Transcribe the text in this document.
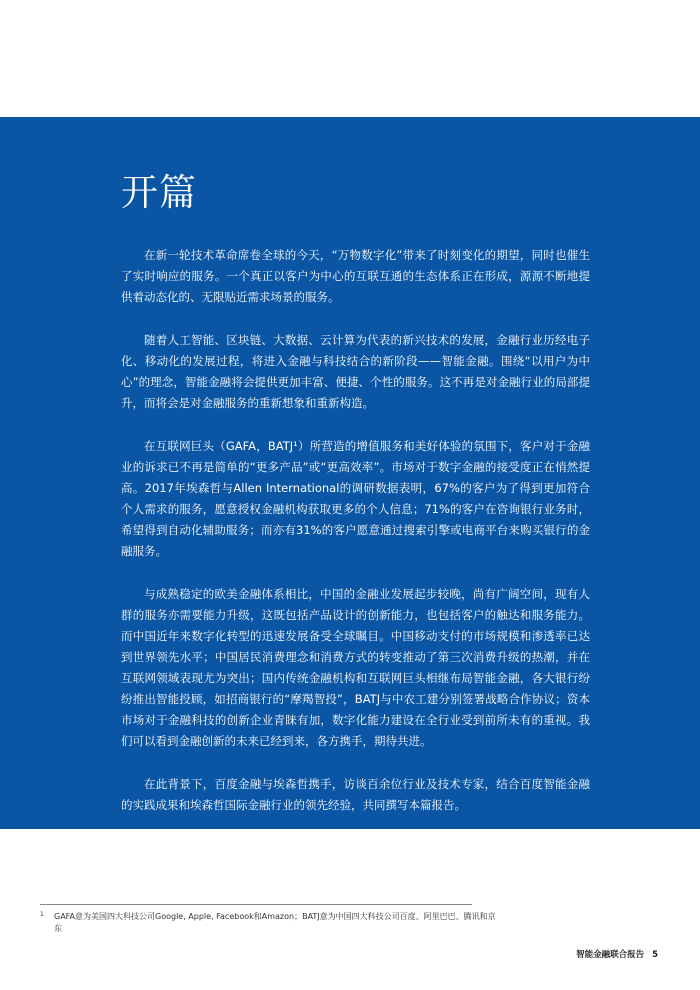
开篇

在新一轮技术革命席卷全球的今天，“万物数字化”带来了时刻变化的期望，同时也催生了实时响应的服务。一个真正以客户为中心的互联互通的生态体系正在形成，源源不断地提供着动态化的、无限贴近需求场景的服务。

随着人工智能、区块链、大数据、云计算为代表的新兴技术的发展，金融行业历经电子化、移动化的发展过程，将进入金融与科技结合的新阶段——智能金融。围绕“以用户为中心”的理念，智能金融将会提供更加丰富、便捷、个性的服务。这不再是对金融行业的局部提升，而将会是对金融服务的重新想象和重新构造。

在互联网巨头（GAFA，BATJ¹）所营造的增值服务和美好体验的氛围下，客户对于金融业的诉求已不再是简单的“更多产品”或“更高效率”。市场对于数字金融的接受度正在悄然提高。2017年埃森哲与Allen International的调研数据表明，67%的客户为了得到更加符合个人需求的服务，愿意授权金融机构获取更多的个人信息；71%的客户在咨询银行业务时，希望得到自动化辅助服务；而亦有31%的客户愿意通过搜索引擎或电商平台来购买银行的金融服务。

与成熟稳定的欧美金融体系相比，中国的金融业发展起步较晚，尚有广阔空间，现有人群的服务亦需要能力升级，这既包括产品设计的创新能力，也包括客户的触达和服务能力。而中国近年来数字化转型的迅速发展备受全球瞩目。中国移动支付的市场规模和渗透率已达到世界领先水平；中国居民消费理念和消费方式的转变推动了第三次消费升级的热潮，并在互联网领域表现尤为突出；国内传统金融机构和互联网巨头相继布局智能金融，各大银行纷纷推出智能投顾，如招商银行的“摩羯智投”，BATJ与中农工建分别签署战略合作协议；资本市场对于金融科技的创新企业青睐有加，数字化能力建设在全行业受到前所未有的重视。我们可以看到金融创新的未来已经到来，各方携手，期待共进。

在此背景下，百度金融与埃森哲携手，访谈百余位行业及技术专家，结合百度智能金融的实践成果和埃森哲国际金融行业的领先经验，共同撰写本篇报告。

1 GAFA意为美国四大科技公司Google, Apple, Facebook和Amazon；BATJ意为中国四大科技公司百度、阿里巴巴、腾讯和京东
智能金融联合报告 5
